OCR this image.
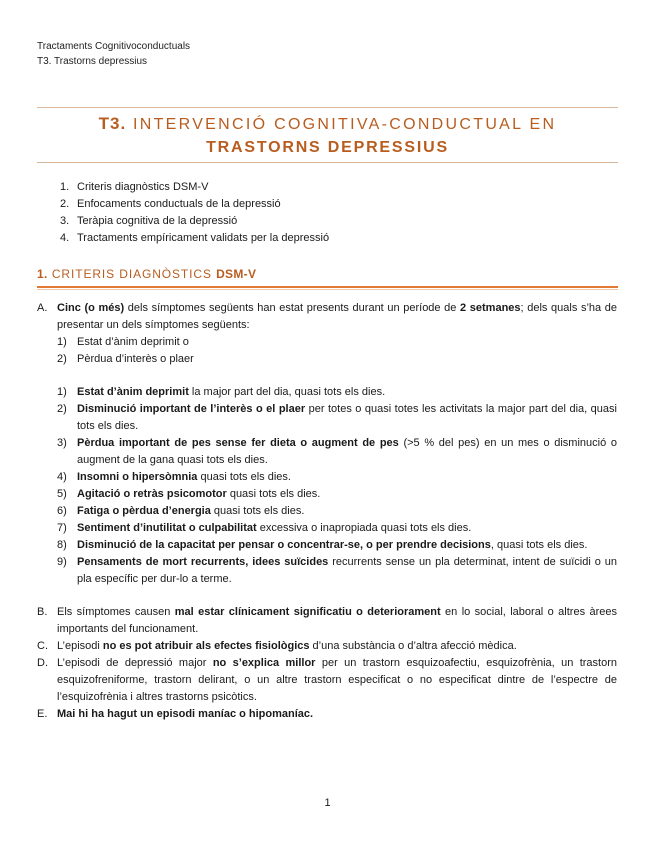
Tractaments Cognitivoconductuals
T3. Trastorns depressius
T3. INTERVENCIÓ COGNITIVA-CONDUCTUAL EN
TRASTORNS DEPRESSIUS
1. Criteris diagnòstics DSM-V
2. Enfocaments conductuals de la depressió
3. Teràpia cognitiva de la depressió
4. Tractaments empíricament validats per la depressió
1. CRITERIS DIAGNÒSTICS DSM-V
A. Cinc (o més) dels símptomes següents han estat presents durant un període de 2 setmanes; dels quals s’ha de presentar un dels símptomes següents:
1) Estat d’ànim deprimit o
2) Pèrdua d’interès o plaer
1) Estat d’ànim deprimit la major part del dia, quasi tots els dies.
2) Disminució important de l’interès o el plaer per totes o quasi totes les activitats la major part del dia, quasi tots els dies.
3) Pèrdua important de pes sense fer dieta o augment de pes (>5 % del pes) en un mes o disminució o augment de la gana quasi tots els dies.
4) Insomni o hipersòmnia quasi tots els dies.
5) Agitació o retràs psicomotor quasi tots els dies.
6) Fatiga o pèrdua d’energia quasi tots els dies.
7) Sentiment d’inutilitat o culpabilitat excessiva o inapropiada quasi tots els dies.
8) Disminució de la capacitat per pensar o concentrar-se, o per prendre decisions, quasi tots els dies.
9) Pensaments de mort recurrents, idees suïcides recurrents sense un pla determinat, intent de suïcidi o un pla específic per dur-lo a terme.
B. Els símptomes causen mal estar clínicament significatiu o deteriorament en lo social, laboral o altres àrees importants del funcionament.
C. L’episodi no es pot atribuir als efectes fisiològics d’una substància o d’altra afecció mèdica.
D. L’episodi de depressió major no s’explica millor per un trastorn esquizoafectiu, esquizofrènia, un trastorn esquizofreniforme, trastorn delirant, o un altre trastorn especificat o no especificat dintre de l’espectre de l’esquizofrènia i altres trastorns psicòtics.
E. Mai hi ha hagut un episodi maníac o hipomaníac.
1
